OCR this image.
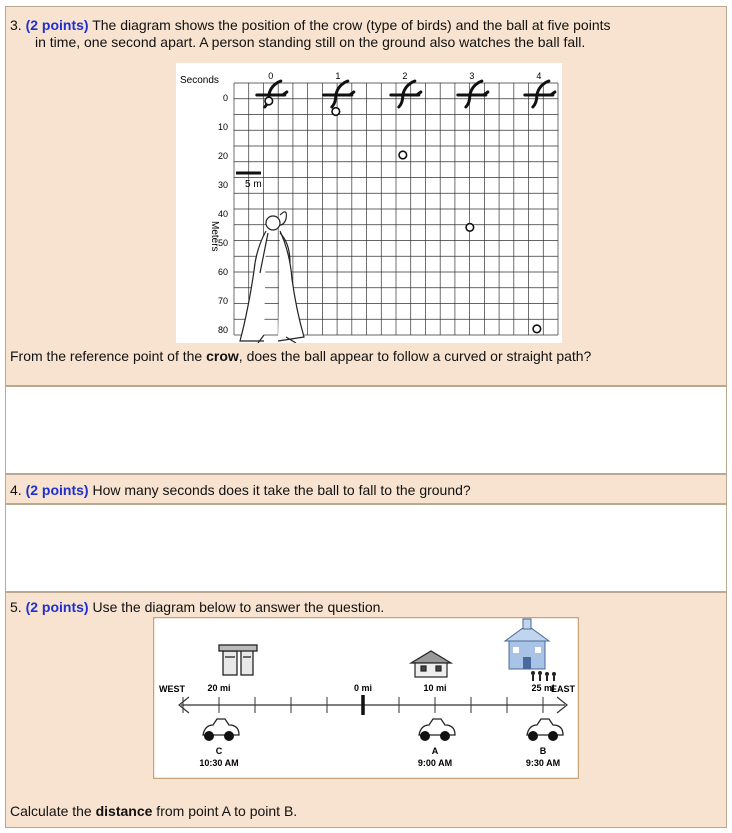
3. (2 points) The diagram shows the position of the crow (type of birds) and the ball at five points
in time, one second apart. A person standing still on the ground also watches the ball fall.
Seconds
Meters
0
10
20
30
40
50
60
70
80
0	1	2	3	4
5 m
From the reference point of the crow, does the ball appear to follow a curved or straight path?
4. (2 points) How many seconds does it take the ball to fall to the ground?
5. (2 points) Use the diagram below to answer the question.
WEST	EAST
20 mi	0 mi	10 mi	25 mi
C
10:30 AM
A
9:00 AM
B
9:30 AM
Calculate the distance from point A to point B.
